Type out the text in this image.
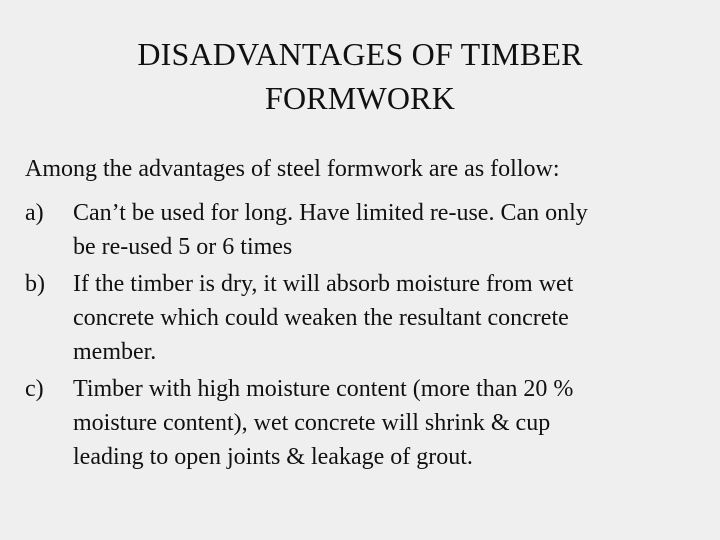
DISADVANTAGES OF TIMBER
FORMWORK

Among the advantages of steel formwork are as follow:

a)	Can’t be used for long. Have limited re-use. Can only
be re-used 5 or 6 times
b)	If the timber is dry, it will absorb moisture from wet
concrete which could weaken the resultant concrete
member.
c)	Timber with high moisture content (more than 20 %
moisture content), wet concrete will shrink & cup
leading to open joints & leakage of grout.
